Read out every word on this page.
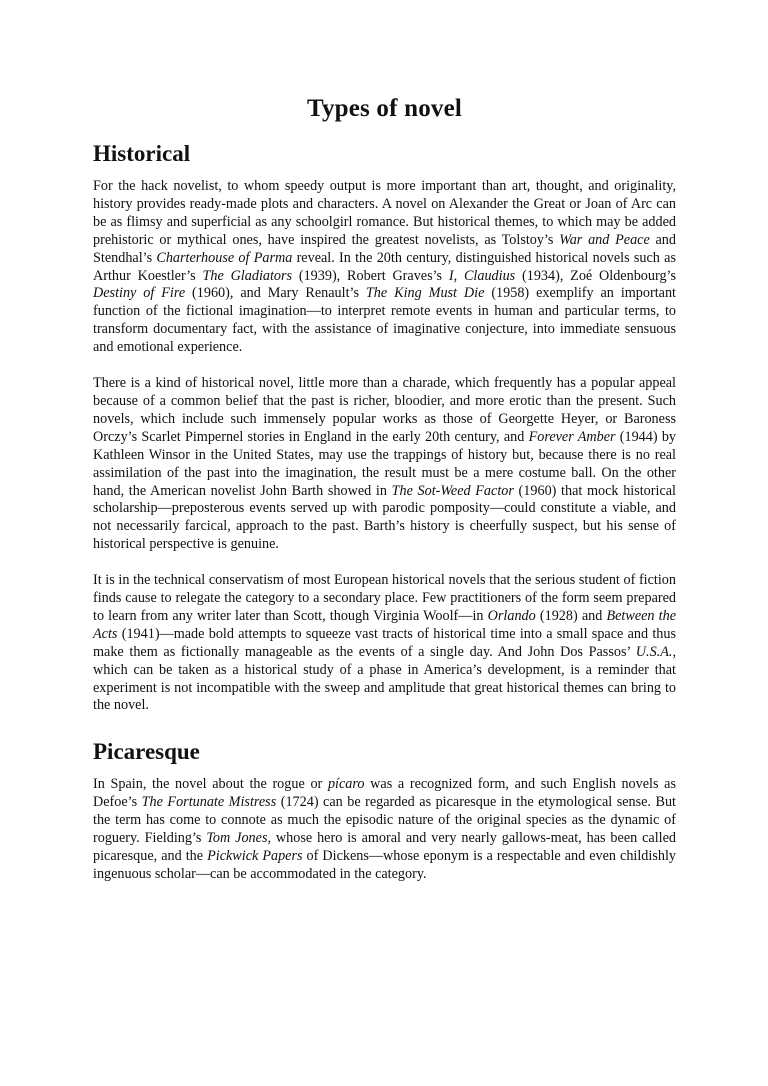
Types of novel
Historical

For the hack novelist, to whom speedy output is more important than art, thought, and originality, history provides ready-made plots and characters. A novel on Alexander the Great or Joan of Arc can be as flimsy and superficial as any schoolgirl romance. But historical themes, to which may be added prehistoric or mythical ones, have inspired the greatest novelists, as Tolstoy’s War and Peace and Stendhal’s Charterhouse of Parma reveal. In the 20th century, distinguished historical novels such as Arthur Koestler’s The Gladiators (1939), Robert Graves’s I, Claudius (1934), Zoé Oldenbourg’s Destiny of Fire (1960), and Mary Renault’s The King Must Die (1958) exemplify an important function of the fictional imagination—to interpret remote events in human and particular terms, to transform documentary fact, with the assistance of imaginative conjecture, into immediate sensuous and emotional experience.

There is a kind of historical novel, little more than a charade, which frequently has a popular appeal because of a common belief that the past is richer, bloodier, and more erotic than the present. Such novels, which include such immensely popular works as those of Georgette Heyer, or Baroness Orczy’s Scarlet Pimpernel stories in England in the early 20th century, and Forever Amber (1944) by Kathleen Winsor in the United States, may use the trappings of history but, because there is no real assimilation of the past into the imagination, the result must be a mere costume ball. On the other hand, the American novelist John Barth showed in The Sot-Weed Factor (1960) that mock historical scholarship—preposterous events served up with parodic pomposity—could constitute a viable, and not necessarily farcical, approach to the past. Barth’s history is cheerfully suspect, but his sense of historical perspective is genuine.

It is in the technical conservatism of most European historical novels that the serious student of fiction finds cause to relegate the category to a secondary place. Few practitioners of the form seem prepared to learn from any writer later than Scott, though Virginia Woolf—in Orlando (1928) and Between the Acts (1941)—made bold attempts to squeeze vast tracts of historical time into a small space and thus make them as fictionally manageable as the events of a single day. And John Dos Passos’ U.S.A., which can be taken as a historical study of a phase in America’s development, is a reminder that experiment is not incompatible with the sweep and amplitude that great historical themes can bring to the novel.

Picaresque

In Spain, the novel about the rogue or pícaro was a recognized form, and such English novels as Defoe’s The Fortunate Mistress (1724) can be regarded as picaresque in the etymological sense. But the term has come to connote as much the episodic nature of the original species as the dynamic of roguery. Fielding’s Tom Jones, whose hero is amoral and very nearly gallows-meat, has been called picaresque, and the Pickwick Papers of Dickens—whose eponym is a respectable and even childishly ingenuous scholar—can be accommodated in the category.
